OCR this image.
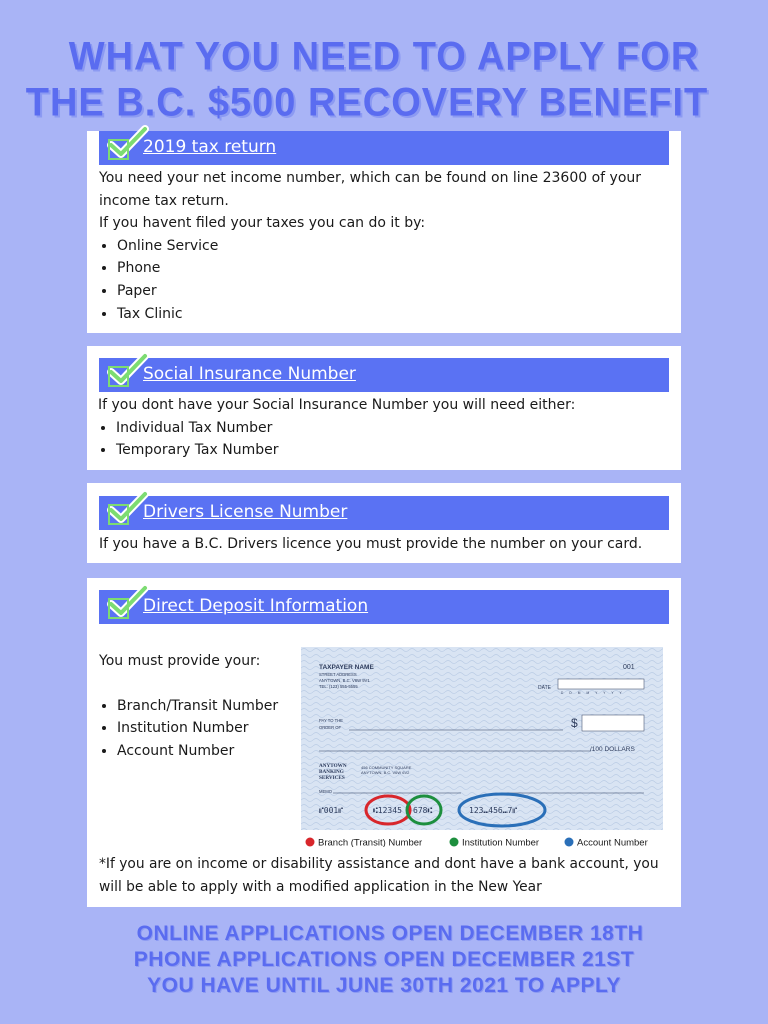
WHAT YOU NEED TO APPLY FOR
THE B.C. $500 RECOVERY BENEFIT
2019 tax return

You need your net income number, which can be found on line 23600 of your income tax return.

If you havent filed your taxes you can do it by:

• Online Service
• Phone
• Paper
• Tax Clinic
Social Insurance Number

If you dont have your Social Insurance Number you will need either:

• Individual Tax Number
• Temporary Tax Number
Drivers License Number

If you have a B.C. Drivers licence you must provide the number on your card.

Direct Deposit Information

You must provide your:

• Branch/Transit Number
• Institution Number
• Account Number
TAXPAYER NAME
STREET ADDRESS
ANYTOWN, B.C. V8W 9V1
TEL: (123) 555-5555
001
DATE
D D M M Y Y Y Y
PAY TO THE
ORDER OF	$
/100 DOLLARS
ANYTOWN
BANKING
SERVICES
456 COMMUNITY SQUARE
ANYTOWN, B.C. V6W 6V2
MEMO
⑈001⑈	⑆12345 678⑆	123⑉456⑉7⑈
Branch (Transit) Number	Institution Number	Account Number

*If you are on income or disability assistance and dont have a bank account, you will be able to apply with a modified application in the New Year

ONLINE APPLICATIONS OPEN DECEMBER 18TH
PHONE APPLICATIONS OPEN DECEMBER 21ST
YOU HAVE UNTIL JUNE 30TH 2021 TO APPLY
